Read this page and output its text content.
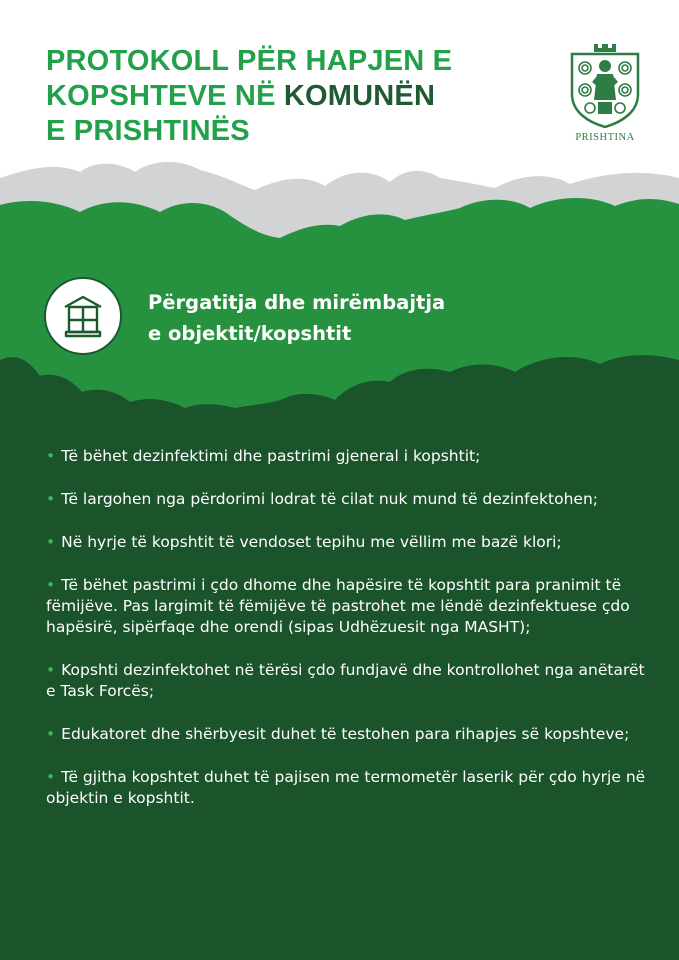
PROTOKOLL PËR HAPJEN E KOPSHTEVE NË KOMUNËN
E PRISHTINËS	PRISHTINA
Përgatitja dhe mirëmbajtja
e objektit/kopshtit
• Të bëhet dezinfektimi dhe pastrimi gjeneral i kopshtit;
• Të largohen nga përdorimi lodrat të cilat nuk mund të dezinfektohen;
• Në hyrje të kopshtit të vendoset tepihu me vëllim me bazë klori;
• Të bëhet pastrimi i çdo dhome dhe hapësire të kopshtit para pranimit të fëmijëve. Pas largimit të fëmijëve të pastrohet me lëndë dezinfektuese çdo hapësirë, sipërfaqe dhe orendi (sipas Udhëzuesit nga MASHT);
• Kopshti dezinfektohet në tërësi çdo fundjavë dhe kontrollohet nga anëtarët e Task Forcës;
• Edukatoret dhe shërbyesit duhet të testohen para rihapjes së kopshteve;
• Të gjitha kopshtet duhet të pajisen me termometër laserik për çdo hyrje në objektin e kopshtit.
